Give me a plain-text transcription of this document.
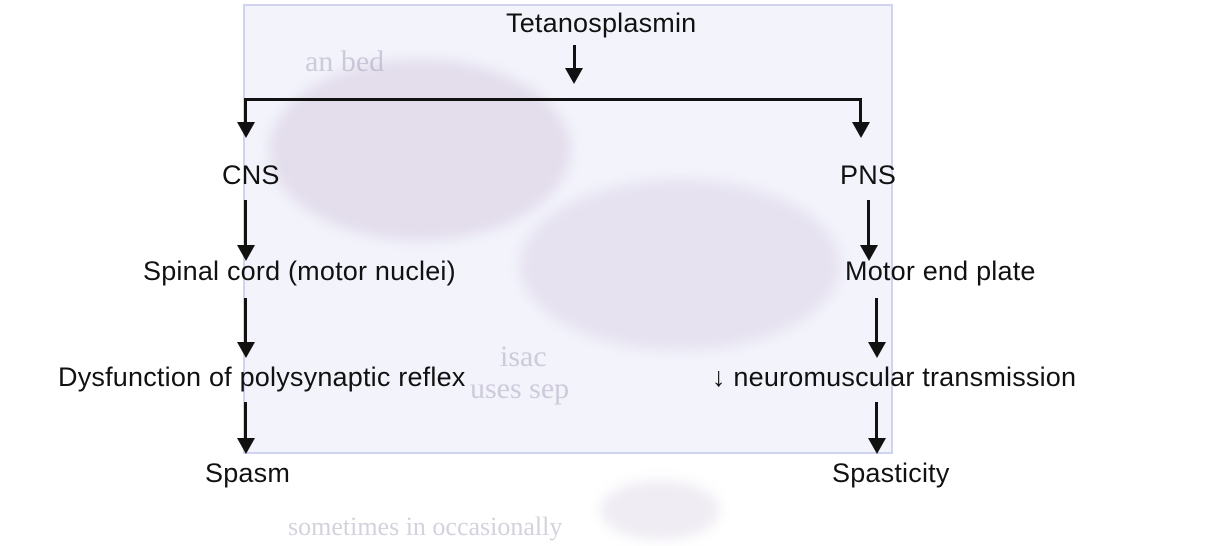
an bed
isac
uses sep
sometimes in occasionally
Tetanosplasmin
CNS
Spinal cord (motor nuclei)
Dysfunction of polysynaptic reflex
Spasm
PNS
Motor end plate
↓ neuromuscular transmission
Spasticity
